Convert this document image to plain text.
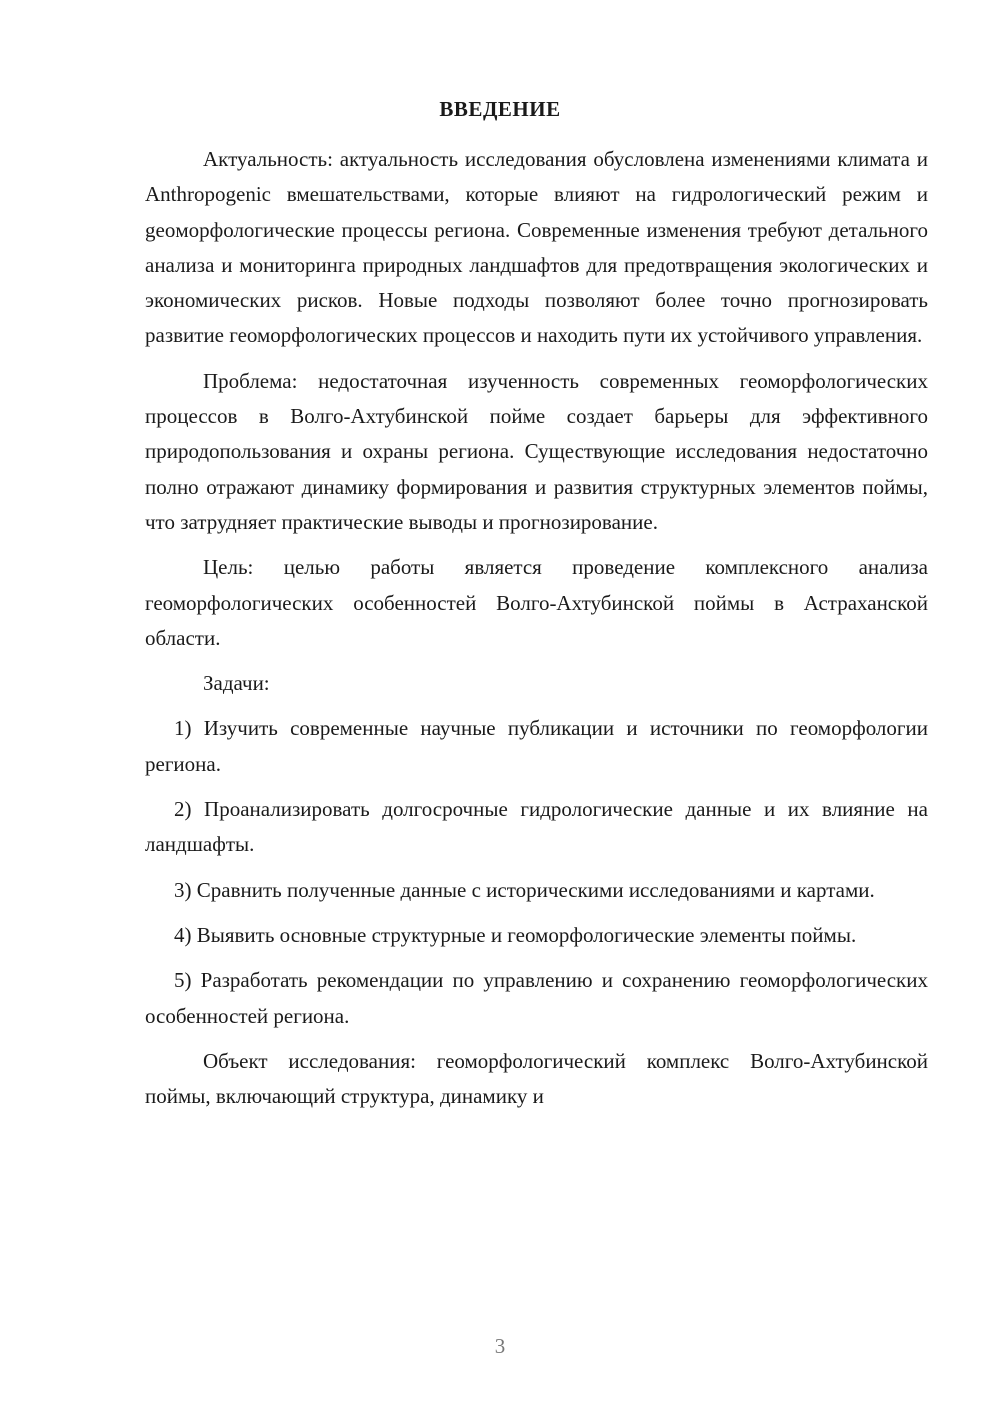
ВВЕДЕНИЕ

Актуальность: актуальность исследования обусловлена изменениями климата и Anthropogenic вмешательствами, которые влияют на гидрологический режим и geoморфологические процессы региона. Современные изменения требуют детального анализа и мониторинга природных ландшафтов для предотвращения экологических и экономических рисков. Новые подходы позволяют более точно прогнозировать развитие геоморфологических процессов и находить пути их устойчивого управления.

Проблема: недостаточная изученность современных геоморфологических процессов в Волго-Ахтубинской пойме создает барьеры для эффективного природопользования и охраны региона. Существующие исследования недостаточно полно отражают динамику формирования и развития структурных элементов поймы, что затрудняет практические выводы и прогнозирование.

Цель: целью работы является проведение комплексного анализа геоморфологических особенностей Волго-Ахтубинской поймы в Астраханской области.

Задачи:

1) Изучить современные научные публикации и источники по геоморфологии региона.

2) Проанализировать долгосрочные гидрологические данные и их влияние на ландшафты.

3) Сравнить полученные данные с историческими исследованиями и картами.

4) Выявить основные структурные и геоморфологические элементы поймы.

5) Разработать рекомендации по управлению и сохранению геоморфологических особенностей региона.

Объект исследования: геоморфологический комплекс Волго-Ахтубинской поймы, включающий структура, динамику и

3
